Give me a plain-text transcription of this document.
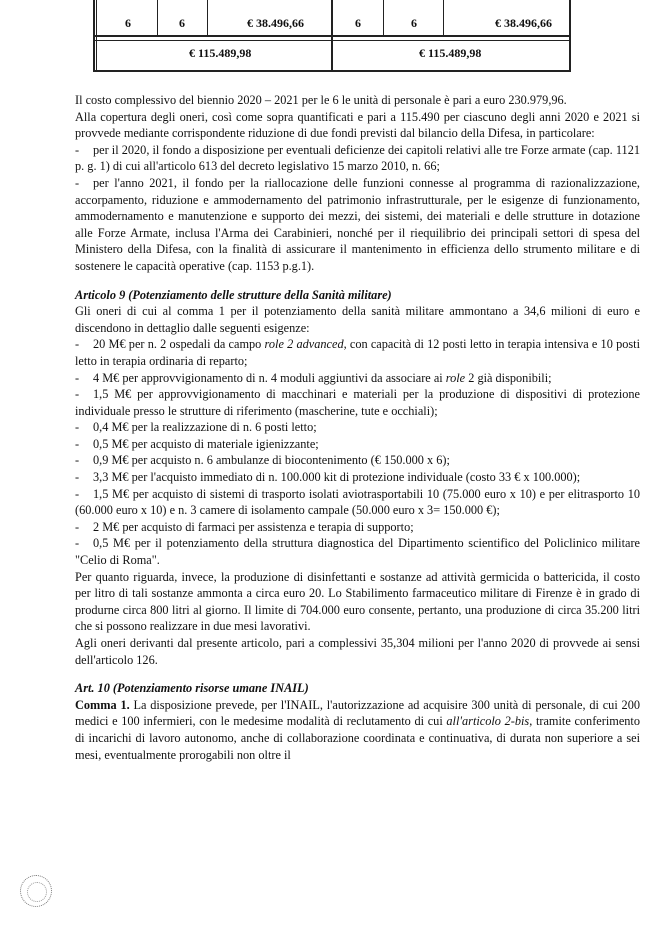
6	6	€ 38.496,66	6	6	€ 38.496,66
€ 115.489,98	€ 115.489,98

Il costo complessivo del biennio 2020 – 2021 per le 6 le unità di personale è pari a euro 230.979,96.

Alla copertura degli oneri, così come sopra quantificati e pari a 115.490 per ciascuno degli anni 2020 e 2021 si provvede mediante corrispondente riduzione di due fondi previsti dal bilancio della Difesa, in particolare:

- per il 2020, il fondo a disposizione per eventuali deficienze dei capitoli relativi alle tre Forze armate (cap. 1121 p. g. 1) di cui all'articolo 613 del decreto legislativo 15 marzo 2010, n. 66;

- per l'anno 2021, il fondo per la riallocazione delle funzioni connesse al programma di razionalizzazione, accorpamento, riduzione e ammodernamento del patrimonio infrastrutturale, per le esigenze di funzionamento, ammodernamento e manutenzione e supporto dei mezzi, dei sistemi, dei materiali e delle strutture in dotazione alle Forze Armate, inclusa l'Arma dei Carabinieri, nonché per il riequilibrio dei principali settori di spesa del Ministero della Difesa, con la finalità di assicurare il mantenimento in efficienza dello strumento militare e di sostenere le capacità operative (cap. 1153 p.g.1).

Articolo 9 (Potenziamento delle strutture della Sanità militare)

Gli oneri di cui al comma 1 per il potenziamento della sanità militare ammontano a 34,6 milioni di euro e discendono in dettaglio dalle seguenti esigenze:

- 20 M€ per n. 2 ospedali da campo role 2 advanced, con capacità di 12 posti letto in terapia intensiva e 10 posti letto in terapia ordinaria di reparto;

- 4 M€ per approvvigionamento di n. 4 moduli aggiuntivi da associare ai role 2 già disponibili;

- 1,5 M€ per approvvigionamento di macchinari e materiali per la produzione di dispositivi di protezione individuale presso le strutture di riferimento (mascherine, tute e occhiali);

- 0,4 M€ per la realizzazione di n. 6 posti letto;

- 0,5 M€ per acquisto di materiale igienizzante;

- 0,9 M€ per acquisto n. 6 ambulanze di biocontenimento (€ 150.000 x 6);

- 3,3 M€ per l'acquisto immediato di n. 100.000 kit di protezione individuale (costo 33 € x 100.000);

- 1,5 M€ per acquisto di sistemi di trasporto isolati aviotrasportabili 10 (75.000 euro x 10) e per elitrasporto 10 (60.000 euro x 10) e n. 3 camere di isolamento campale (50.000 euro x 3= 150.000 €);

- 2 M€ per acquisto di farmaci per assistenza e terapia di supporto;

- 0,5 M€ per il potenziamento della struttura diagnostica del Dipartimento scientifico del Policlinico militare "Celio di Roma".

Per quanto riguarda, invece, la produzione di disinfettanti e sostanze ad attività germicida o battericida, il costo per litro di tali sostanze ammonta a circa euro 20. Lo Stabilimento farmaceutico militare di Firenze è in grado di produrne circa 800 litri al giorno. Il limite di 704.000 euro consente, pertanto, una produzione di circa 35.200 litri che si possono realizzare in due mesi lavorativi.

Agli oneri derivanti dal presente articolo, pari a complessivi 35,304 milioni per l'anno 2020 di provvede ai sensi dell'articolo 126.

Art. 10 (Potenziamento risorse umane INAIL)

Comma 1. La disposizione prevede, per l'INAIL, l'autorizzazione ad acquisire 300 unità di personale, di cui 200 medici e 100 infermieri, con le medesime modalità di reclutamento di cui all'articolo 2-bis, tramite conferimento di incarichi di lavoro autonomo, anche di collaborazione coordinata e continuativa, di durata non superiore a sei mesi, eventualmente prorogabili non oltre il
